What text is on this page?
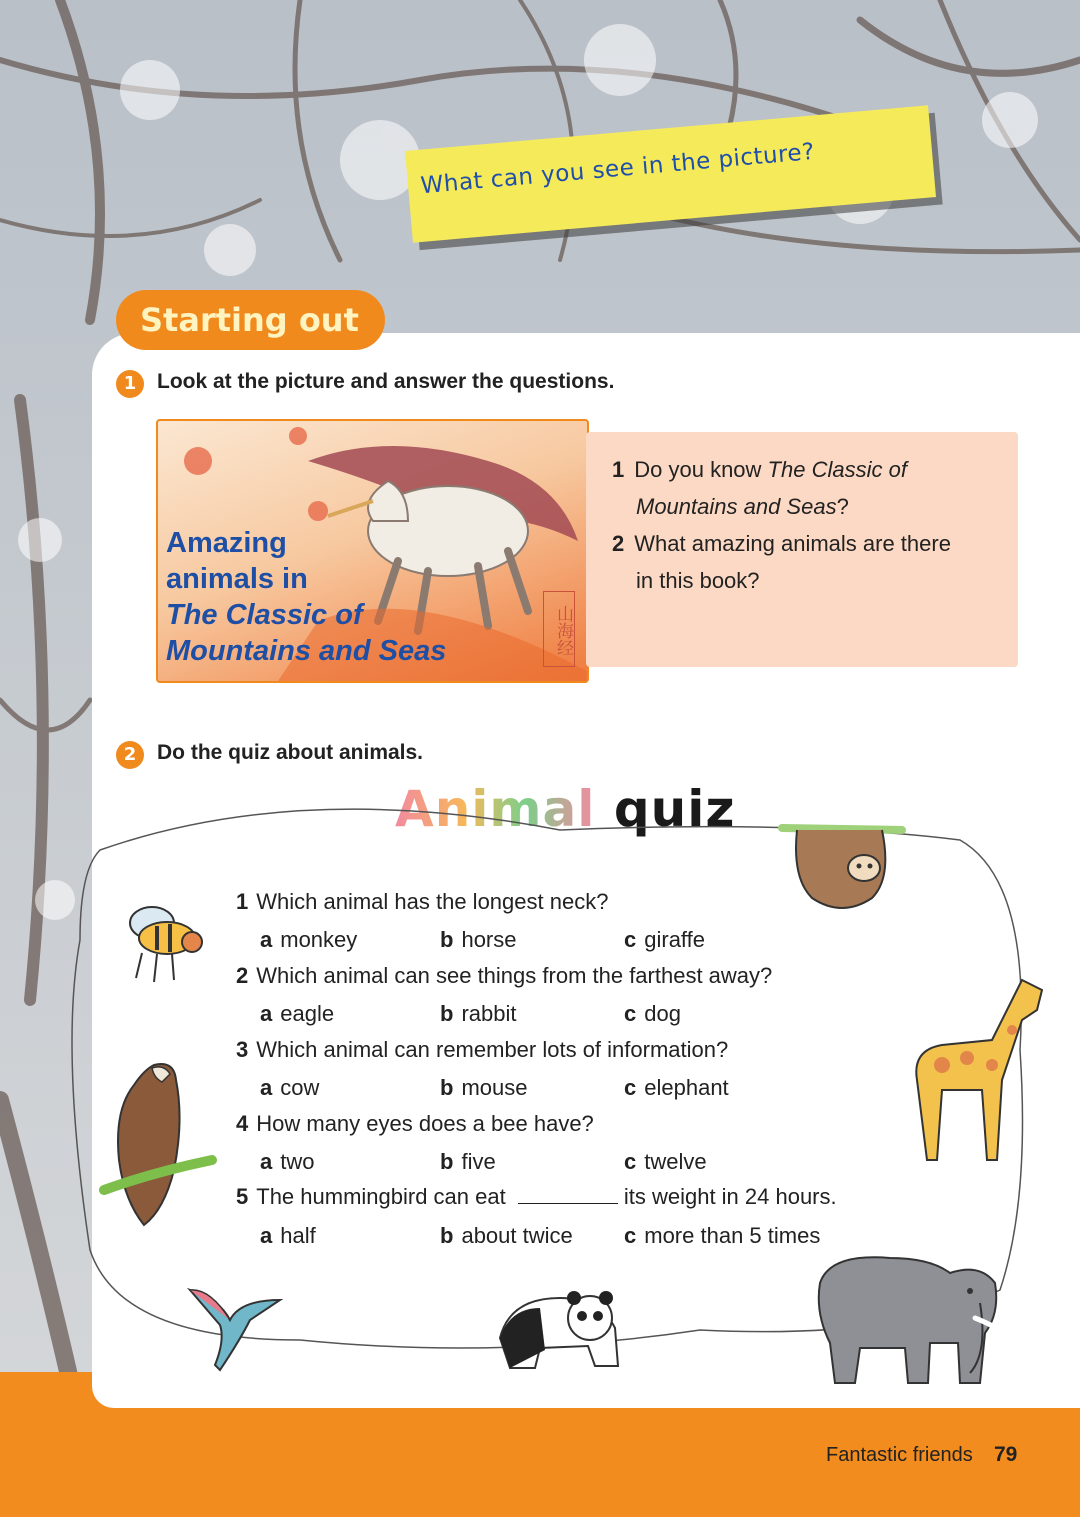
What can you see in the picture?
Starting out
1 Look at the picture and answer the questions.
Amazing
animals in
The Classic of
Mountains and Seas	山海经
1 Do you know The Classic of
Mountains and Seas?
2 What amazing animals are there
in this book?
2 Do the quiz about animals.
Animal quiz
1 Which animal has the longest neck?
a monkey	b horse	c giraffe
2 Which animal can see things from the farthest away?
a eagle	b rabbit	c dog
3 Which animal can remember lots of information?
a cow	b mouse	c elephant
4 How many eyes does a bee have?
a two	b five	c twelve
5 The hummingbird can eat	its weight in 24 hours.
a half	b about twice c more than 5 times
Fantastic friends 79
